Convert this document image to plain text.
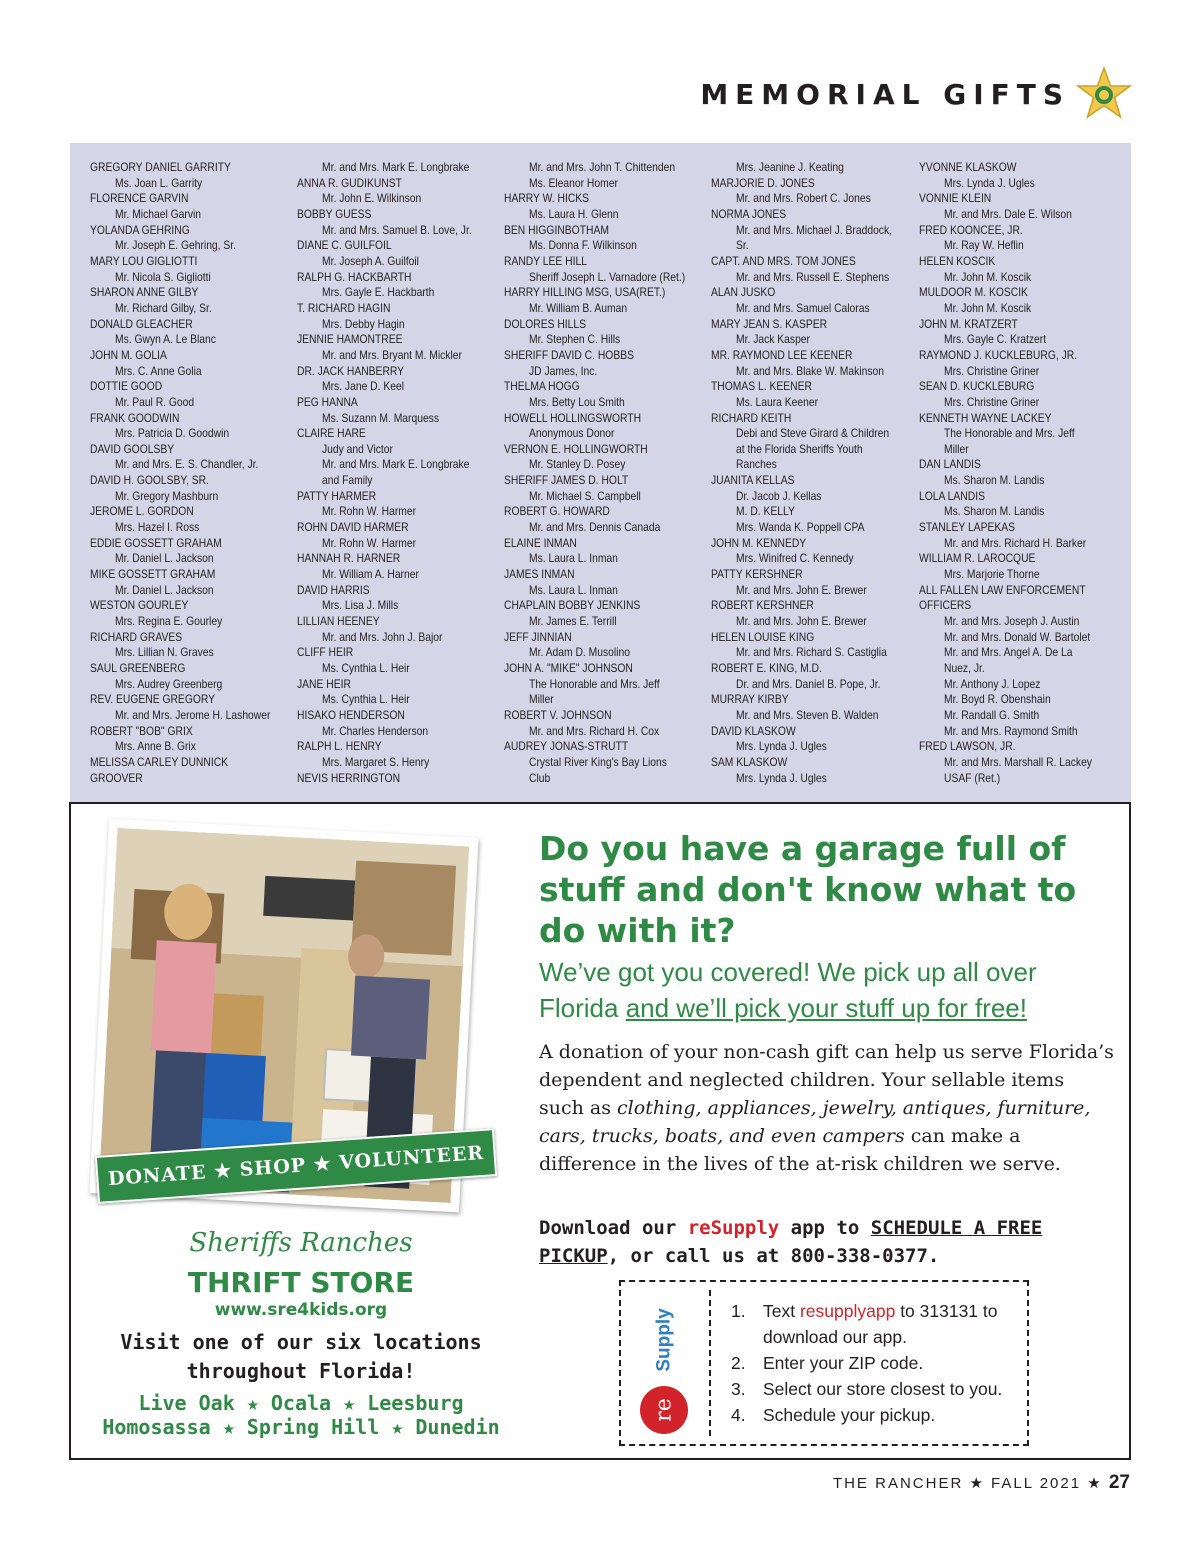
MEMORIAL GIFTS
GREGORY DANIEL GARRITY
Ms. Joan L. Garrity
FLORENCE GARVIN
Mr. Michael Garvin
YOLANDA GEHRING
Mr. Joseph E. Gehring, Sr.
MARY LOU GIGLIOTTI
Mr. Nicola S. Gigliotti
SHARON ANNE GILBY
Mr. Richard Gilby, Sr.
DONALD GLEACHER
Ms. Gwyn A. Le Blanc
JOHN M. GOLIA
Mrs. C. Anne Golia
DOTTIE GOOD
Mr. Paul R. Good
FRANK GOODWIN
Mrs. Patricia D. Goodwin
DAVID GOOLSBY
Mr. and Mrs. E. S. Chandler, Jr.
DAVID H. GOOLSBY, SR.
Mr. Gregory Mashburn
JEROME L. GORDON
Mrs. Hazel I. Ross
EDDIE GOSSETT GRAHAM
Mr. Daniel L. Jackson
MIKE GOSSETT GRAHAM
Mr. Daniel L. Jackson
WESTON GOURLEY
Mrs. Regina E. Gourley
RICHARD GRAVES
Mrs. Lillian N. Graves
SAUL GREENBERG
Mrs. Audrey Greenberg
REV. EUGENE GREGORY
Mr. and Mrs. Jerome H. Lashower
ROBERT "BOB" GRIX
Mrs. Anne B. Grix
MELISSA CARLEY DUNNICK
GROOVER
Mr. and Mrs. Mark E. Longbrake
ANNA R. GUDIKUNST
Mr. John E. Wilkinson
BOBBY GUESS
Mr. and Mrs. Samuel B. Love, Jr.
DIANE C. GUILFOIL
Mr. Joseph A. Guilfoil
RALPH G. HACKBARTH
Mrs. Gayle E. Hackbarth
T. RICHARD HAGIN
Mrs. Debby Hagin
JENNIE HAMONTREE
Mr. and Mrs. Bryant M. Mickler
DR. JACK HANBERRY
Mrs. Jane D. Keel
PEG HANNA
Ms. Suzann M. Marquess
CLAIRE HARE
Judy and Victor
Mr. and Mrs. Mark E. Longbrake
and Family
PATTY HARMER
Mr. Rohn W. Harmer
ROHN DAVID HARMER
Mr. Rohn W. Harmer
HANNAH R. HARNER
Mr. William A. Harner
DAVID HARRIS
Mrs. Lisa J. Mills
LILLIAN HEENEY
Mr. and Mrs. John J. Bajor
CLIFF HEIR
Ms. Cynthia L. Heir
JANE HEIR
Ms. Cynthia L. Heir
HISAKO HENDERSON
Mr. Charles Henderson
RALPH L. HENRY
Mrs. Margaret S. Henry
NEVIS HERRINGTON
Mr. and Mrs. John T. Chittenden
Ms. Eleanor Homer
HARRY W. HICKS
Ms. Laura H. Glenn
BEN HIGGINBOTHAM
Ms. Donna F. Wilkinson
RANDY LEE HILL
Sheriff Joseph L. Varnadore (Ret.)
HARRY HILLING MSG, USA(RET.)
Mr. William B. Auman
DOLORES HILLS
Mr. Stephen C. Hills
SHERIFF DAVID C. HOBBS
JD James, Inc.
THELMA HOGG
Mrs. Betty Lou Smith
HOWELL HOLLINGSWORTH
Anonymous Donor
VERNON E. HOLLINGWORTH
Mr. Stanley D. Posey
SHERIFF JAMES D. HOLT
Mr. Michael S. Campbell
ROBERT G. HOWARD
Mr. and Mrs. Dennis Canada
ELAINE INMAN
Ms. Laura L. Inman
JAMES INMAN
Ms. Laura L. Inman
CHAPLAIN BOBBY JENKINS
Mr. James E. Terrill
JEFF JINNIAN
Mr. Adam D. Musolino
JOHN A. "MIKE" JOHNSON
The Honorable and Mrs. Jeff
Miller
ROBERT V. JOHNSON
Mr. and Mrs. Richard H. Cox
AUDREY JONAS-STRUTT
Crystal River King's Bay Lions
Club
Mrs. Jeanine J. Keating
MARJORIE D. JONES
Mr. and Mrs. Robert C. Jones
NORMA JONES
Mr. and Mrs. Michael J. Braddock,
Sr.
CAPT. AND MRS. TOM JONES
Mr. and Mrs. Russell E. Stephens
ALAN JUSKO
Mr. and Mrs. Samuel Caloras
MARY JEAN S. KASPER
Mr. Jack Kasper
MR. RAYMOND LEE KEENER
Mr. and Mrs. Blake W. Makinson
THOMAS L. KEENER
Ms. Laura Keener
RICHARD KEITH
Debi and Steve Girard & Children
at the Florida Sheriffs Youth
Ranches
JUANITA KELLAS
Dr. Jacob J. Kellas
M. D. KELLY
Mrs. Wanda K. Poppell CPA
JOHN M. KENNEDY
Mrs. Winifred C. Kennedy
PATTY KERSHNER
Mr. and Mrs. John E. Brewer
ROBERT KERSHNER
Mr. and Mrs. John E. Brewer
HELEN LOUISE KING
Mr. and Mrs. Richard S. Castiglia
ROBERT E. KING, M.D.
Dr. and Mrs. Daniel B. Pope, Jr.
MURRAY KIRBY
Mr. and Mrs. Steven B. Walden
DAVID KLASKOW
Mrs. Lynda J. Ugles
SAM KLASKOW
Mrs. Lynda J. Ugles
YVONNE KLASKOW
Mrs. Lynda J. Ugles
VONNIE KLEIN
Mr. and Mrs. Dale E. Wilson
FRED KOONCEE, JR.
Mr. Ray W. Heflin
HELEN KOSCIK
Mr. John M. Koscik
MULDOOR M. KOSCIK
Mr. John M. Koscik
JOHN M. KRATZERT
Mrs. Gayle C. Kratzert
RAYMOND J. KUCKLEBURG, JR.
Mrs. Christine Griner
SEAN D. KUCKLEBURG
Mrs. Christine Griner
KENNETH WAYNE LACKEY
The Honorable and Mrs. Jeff
Miller
DAN LANDIS
Ms. Sharon M. Landis
LOLA LANDIS
Ms. Sharon M. Landis
STANLEY LAPEKAS
Mr. and Mrs. Richard H. Barker
WILLIAM R. LAROCQUE
Mrs. Marjorie Thorne
ALL FALLEN LAW ENFORCEMENT
OFFICERS
Mr. and Mrs. Joseph J. Austin
Mr. and Mrs. Donald W. Bartolet
Mr. and Mrs. Angel A. De La
Nuez, Jr.
Mr. Anthony J. Lopez
Mr. Boyd R. Obenshain
Mr. Randall G. Smith
Mr. and Mrs. Raymond Smith
FRED LAWSON, JR.
Mr. and Mrs. Marshall R. Lackey
USAF (Ret.)
DONATE ★ SHOP ★ VOLUNTEER
Sheriffs Ranches
THRIFT STORE
www.sre4kids.org
Visit one of our six locations
throughout Florida!
Live Oak ★ Ocala ★ Leesburg
Homosassa ★ Spring Hill ★ Dunedin
Do you have a garage full of stuff and don't know what to do with it?
We’ve got you covered! We pick up all over Florida and we’ll pick your stuff up for free!
A donation of your non-cash gift can help us serve Florida’s dependent and neglected children. Your sellable items such as clothing, appliances, jewelry, antiques, furniture, cars, trucks, boats, and even campers can make a difference in the lives of the at-risk children we serve.
Download our reSupply app to SCHEDULE A FREE PICKUP, or call us at 800-338-0377.
re
Supply	1. Text resupplyapp to 313131 to download our app.
2. Enter your ZIP code.
3. Select our store closest to you.
4. Schedule your pickup.
THE RANCHER ★ FALL 2021 ★ 27
